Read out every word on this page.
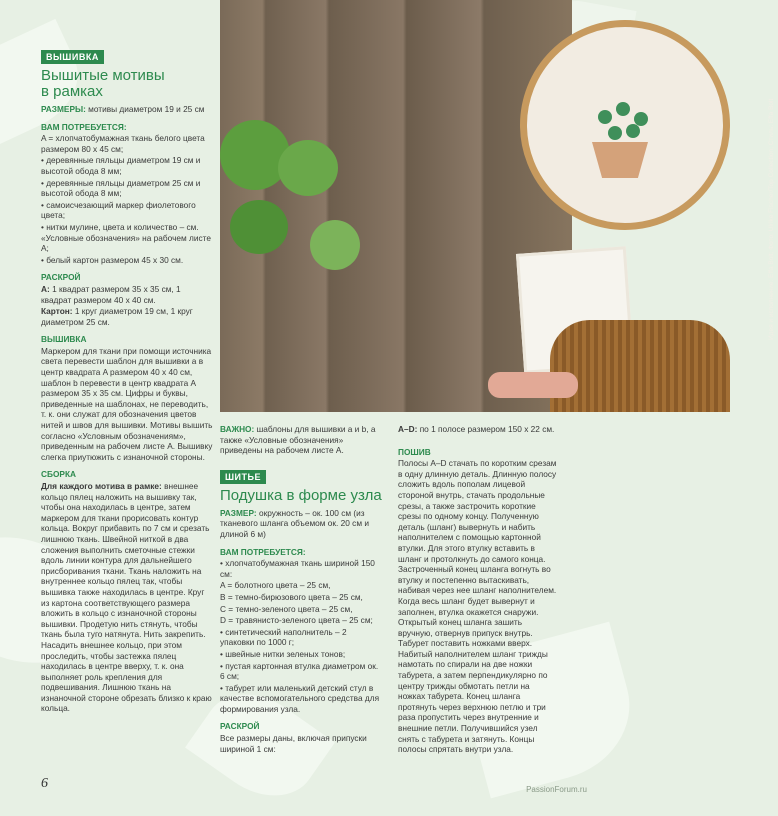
Идея и исполнение: Effa Bolt; Фото: Ulrike Fischer/Top Collection; Стиль: Effa Bolt
ВЫШИВКА
Вышитые мотивы
в рамках
РАЗМЕРЫ: мотивы диаметром 19 и 25 см
ВАМ ПОТРЕБУЕТСЯ:
A = хлопчатобумажная ткань белого цвета размером 80 х 45 см;
• деревянные пяльцы диаметром 19 см и высотой обода 8 мм;
• деревянные пяльцы диаметром 25 см и высотой обода 8 мм;
• самоисчезающий маркер фиолетового цвета;
• нитки мулине, цвета и количество – см. «Условные обозначения» на рабочем листе A;
• белый картон размером 45 х 30 см.
РАСКРОЙ
A: 1 квадрат размером 35 х 35 см, 1 квадрат размером 40 х 40 см.
Картон: 1 круг диаметром 19 см, 1 круг диаметром 25 см.
ВЫШИВКА
Маркером для ткани при помощи источника света перевести шаблон для вышивки а в центр квадрата A размером 40 х 40 см, шаблон b перевести в центр квадрата A размером 35 х 35 см. Цифры и буквы, приведенные на шаблонах, не переводить, т. к. они служат для обозначения цветов нитей и швов для вышивки. Мотивы вышить согласно «Условным обозначениям», приведенным на рабочем листе A. Вышивку слегка приутюжить с изнаночной стороны.
СБОРКА
Для каждого мотива в рамке: внешнее кольцо пялец наложить на вышивку так, чтобы она находилась в центре, затем маркером для ткани прорисовать контур кольца. Вокруг прибавить по 7 см и срезать лишнюю ткань. Швейной ниткой в два сложения выполнить сметочные стежки вдоль линии контура для дальнейшего присборивания ткани. Ткань наложить на внутреннее кольцо пялец так, чтобы вышивка также находилась в центре. Круг из картона соответствующего размера вложить в кольцо с изнаночной стороны вышивки. Продетую нить стянуть, чтобы ткань была туго натянута. Нить закрепить. Насадить внешнее кольцо, при этом проследить, чтобы застежка пялец находилась в центре вверху, т. к. она выполняет роль крепления для подвешивания. Лишнюю ткань на изнаночной стороне обрезать близко к краю кольца.
ВАЖНО: шаблоны для вышивки а и b, а также «Условные обозначения» приведены на рабочем листе A.
ШИТЬЕ
Подушка в форме узла
РАЗМЕР: окружность – ок. 100 см (из тканевого шланга объемом ок. 20 см и длиной 6 м)
ВАМ ПОТРЕБУЕТСЯ:
• хлопчатобумажная ткань шириной 150 см:
A = болотного цвета – 25 см,
B = темно-бирюзового цвета – 25 см,
C = темно-зеленого цвета – 25 см,
D = травянисто-зеленого цвета – 25 см;
• синтетический наполнитель – 2 упаковки по 1000 г;
• швейные нитки зеленых тонов;
• пустая картонная втулка диаметром ок. 6 см;
• табурет или маленький детский стул в качестве вспомогательного средства для формирования узла.
РАСКРОЙ
Все размеры даны, включая припуски шириной 1 см:
A–D: по 1 полосе размером 150 х 22 см.
ПОШИВ
Полосы A–D стачать по коротким срезам в одну длинную деталь. Длинную полосу сложить вдоль пополам лицевой стороной внутрь, стачать продольные срезы, а также застрочить короткие срезы по одному концу. Полученную деталь (шланг) вывернуть и набить наполнителем с помощью картонной втулки. Для этого втулку вставить в шланг и протолкнуть до самого конца. Застроченный конец шланга вогнуть во втулку и постепенно вытаскивать, набивая через нее шланг наполнителем. Когда весь шланг будет вывернут и заполнен, втулка окажется снаружи. Открытый конец шланга зашить вручную, отвернув припуск внутрь. Табурет поставить ножками вверх. Набитый наполнителем шланг трижды намотать по спирали на две ножки табурета, а затем перпендикулярно по центру трижды обмотать петли на ножках табурета. Конец шланга протянуть через верхнюю петлю и три раза пропустить через внутренние и внешние петли. Получившийся узел снять с табурета и затянуть. Концы полосы спрятать внутри узла.
6	PassionForum.ru
